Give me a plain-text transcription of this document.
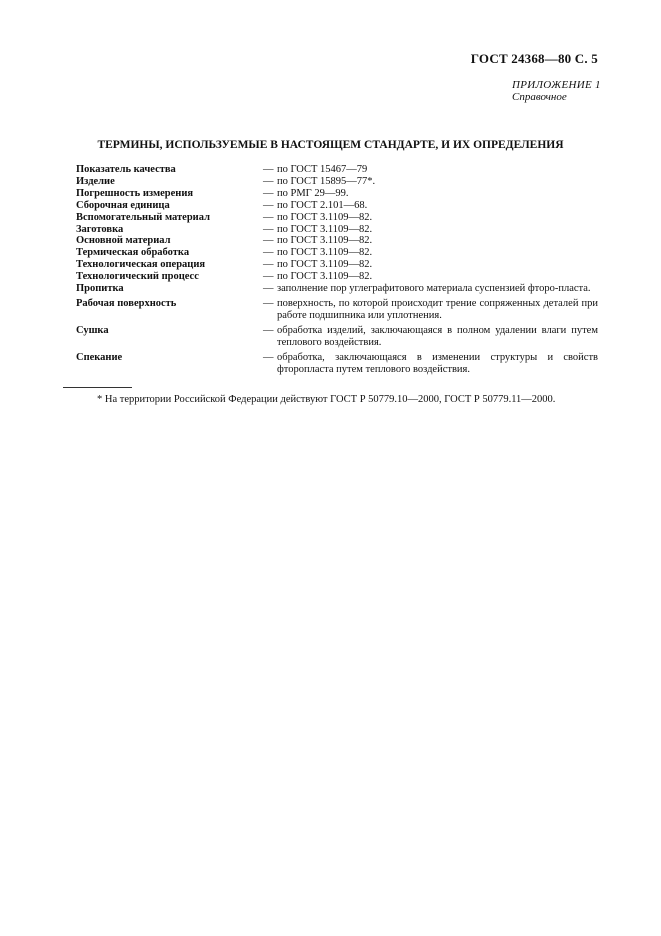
ГОСТ 24368—80 С. 5
ПРИЛОЖЕНИЕ 1
Справочное
ТЕРМИНЫ, ИСПОЛЬЗУЕМЫЕ В НАСТОЯЩЕМ СТАНДАРТЕ, И ИХ ОПРЕДЕЛЕНИЯ
Показатель качества	— по ГОСТ 15467—79
Изделие	— по ГОСТ 15895—77*.
Погрешность измерения	— по РМГ 29—99.
Сборочная единица	— по ГОСТ 2.101—68.
Вспомогательный материал	— по ГОСТ 3.1109—82.
Заготовка	— по ГОСТ 3.1109—82.
Основной материал	— по ГОСТ 3.1109—82.
Термическая обработка	— по ГОСТ 3.1109—82.
Технологическая операция	— по ГОСТ 3.1109—82.
Технологический процесс	— по ГОСТ 3.1109—82.
Пропитка	— заполнение пор углеграфитового материала суспензией фторо-пласта.
Рабочая поверхность	— поверхность, по которой происходит трение сопряженных деталей при работе подшипника или уплотнения.
Сушка	— обработка изделий, заключающаяся в полном удалении влаги путем теплового воздействия.
Спекание	— обработка, заключающаяся в изменении структуры и свойств фторопласта путем теплового воздействия.
* На территории Российской Федерации действуют ГОСТ Р 50779.10—2000, ГОСТ Р 50779.11—2000.
